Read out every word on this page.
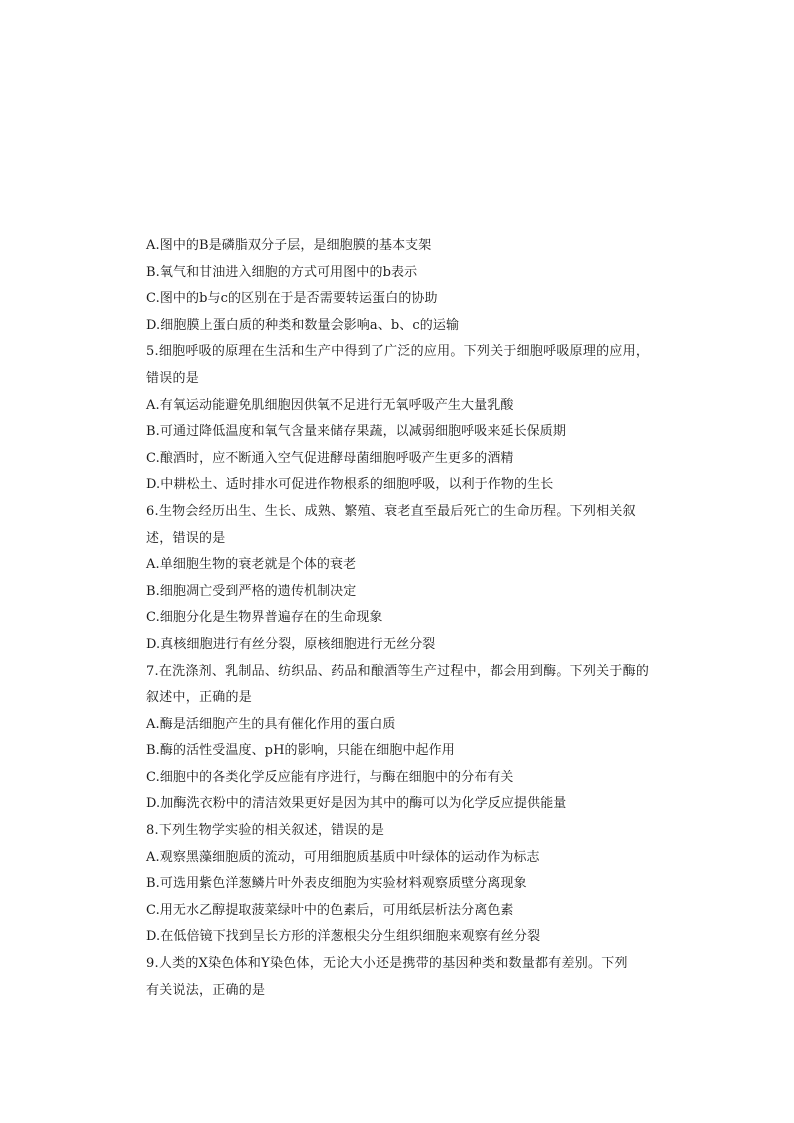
A.图中的B是磷脂双分子层，是细胞膜的基本支架
B.氧气和甘油进入细胞的方式可用图中的b表示
C.图中的b与c的区别在于是否需要转运蛋白的协助
D.细胞膜上蛋白质的种类和数量会影响a、b、c的运输
5.细胞呼吸的原理在生活和生产中得到了广泛的应用。下列关于细胞呼吸原理的应用，
错误的是
A.有氧运动能避免肌细胞因供氧不足进行无氧呼吸产生大量乳酸
B.可通过降低温度和氧气含量来储存果蔬，以减弱细胞呼吸来延长保质期
C.酿酒时，应不断通入空气促进酵母菌细胞呼吸产生更多的酒精
D.中耕松土、适时排水可促进作物根系的细胞呼吸，以利于作物的生长
6.生物会经历出生、生长、成熟、繁殖、衰老直至最后死亡的生命历程。下列相关叙
述，错误的是
A.单细胞生物的衰老就是个体的衰老
B.细胞凋亡受到严格的遗传机制决定
C.细胞分化是生物界普遍存在的生命现象
D.真核细胞进行有丝分裂，原核细胞进行无丝分裂
7.在洗涤剂、乳制品、纺织品、药品和酿酒等生产过程中，都会用到酶。下列关于酶的
叙述中，正确的是
A.酶是活细胞产生的具有催化作用的蛋白质
B.酶的活性受温度、pH的影响，只能在细胞中起作用
C.细胞中的各类化学反应能有序进行，与酶在细胞中的分布有关
D.加酶洗衣粉中的清洁效果更好是因为其中的酶可以为化学反应提供能量
8.下列生物学实验的相关叙述，错误的是
A.观察黑藻细胞质的流动，可用细胞质基质中叶绿体的运动作为标志
B.可选用紫色洋葱鳞片叶外表皮细胞为实验材料观察质壁分离现象
C.用无水乙醇提取菠菜绿叶中的色素后，可用纸层析法分离色素
D.在低倍镜下找到呈长方形的洋葱根尖分生组织细胞来观察有丝分裂
9.人类的X染色体和Y染色体，无论大小还是携带的基因种类和数量都有差别。下列
有关说法，正确的是
